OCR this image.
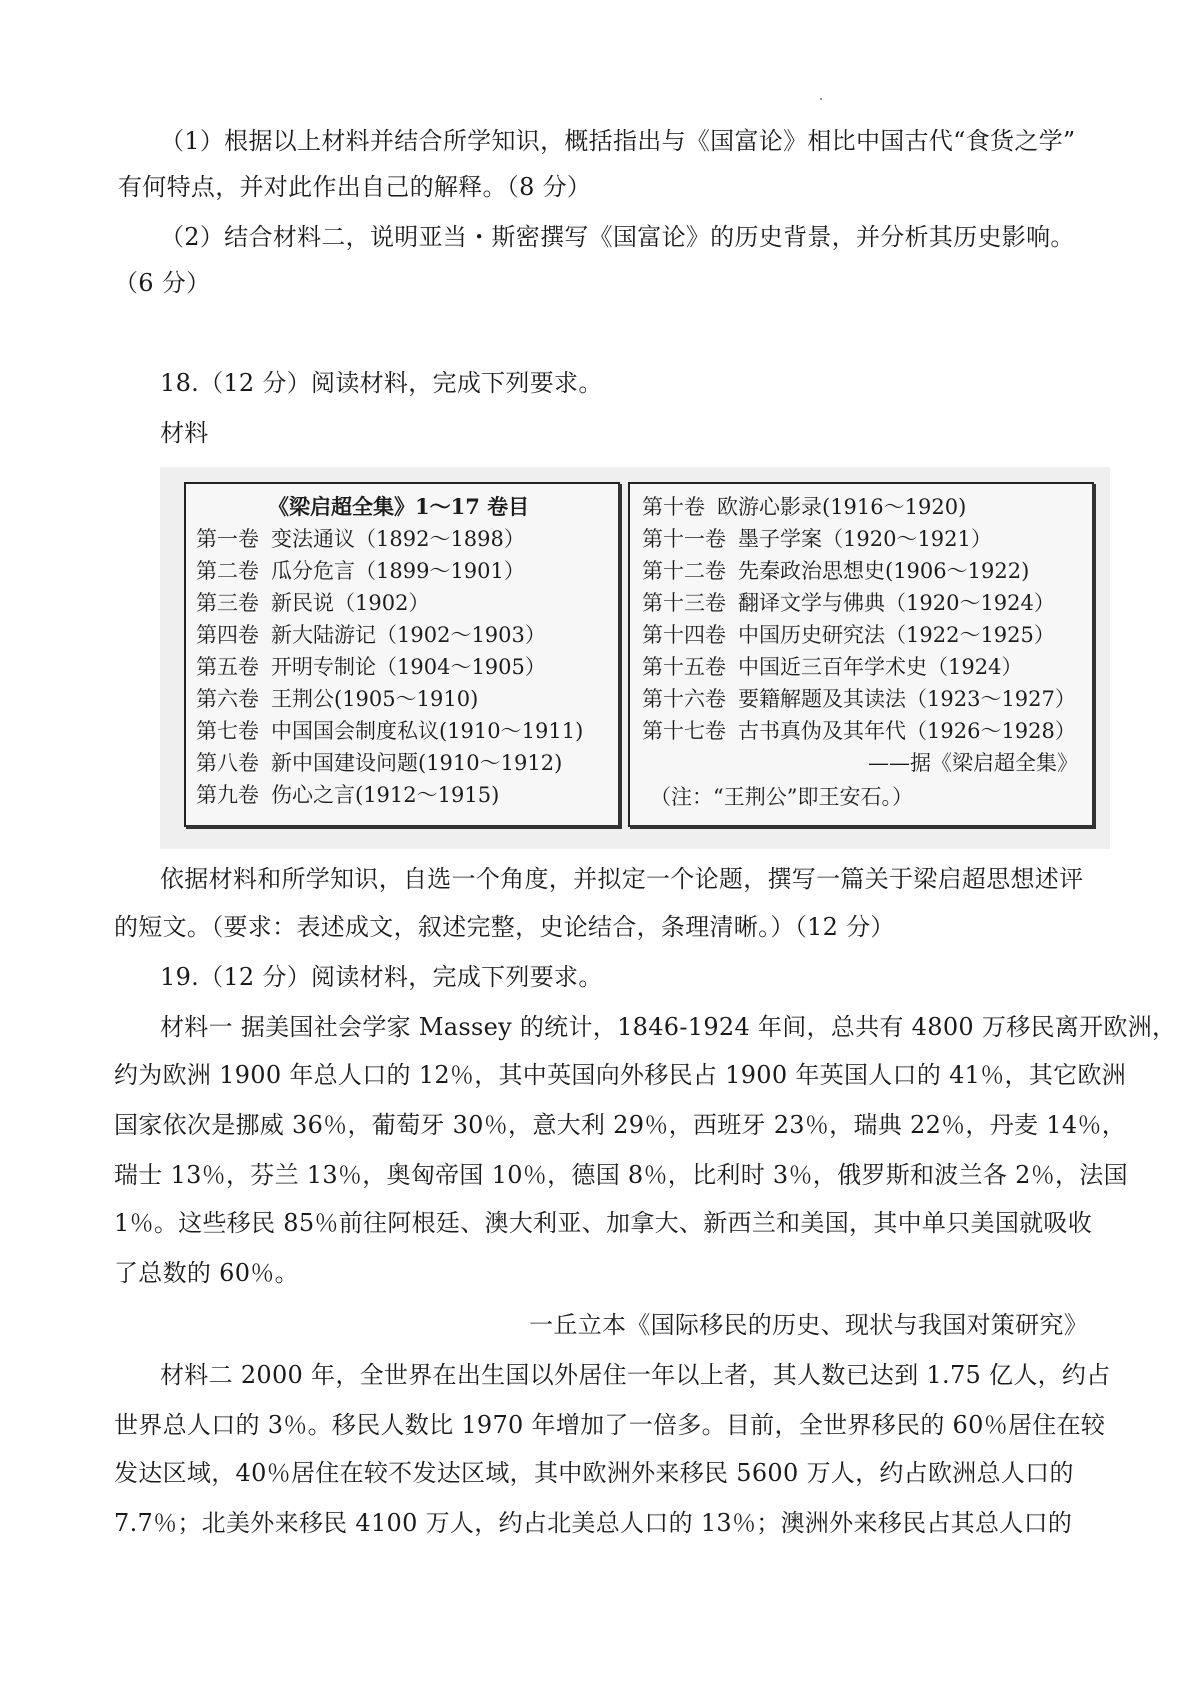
（1）根据以上材料并结合所学知识，概括指出与《国富论》相比中国古代“食货之学”
有何特点，并对此作出自己的解释。（8 分）
（2）结合材料二，说明亚当・斯密撰写《国富论》的历史背景，并分析其历史影响。
（6 分）
18.（12 分）阅读材料，完成下列要求。
材料
《梁启超全集》1～17 卷目
第一卷 变法通议（1892～1898）
第二卷 瓜分危言（1899～1901）
第三卷 新民说（1902）
第四卷 新大陆游记（1902～1903）
第五卷 开明专制论（1904～1905）
第六卷 王荆公(1905～1910)
第七卷 中国国会制度私议(1910～1911)
第八卷 新中国建设问题(1910～1912)
第九卷 伤心之言(1912～1915)
第十卷 欧游心影录(1916～1920)
第十一卷 墨子学案（1920～1921）
第十二卷 先秦政治思想史(1906～1922)
第十三卷 翻译文学与佛典（1920～1924）
第十四卷 中国历史研究法（1922～1925）
第十五卷 中国近三百年学术史（1924）
第十六卷 要籍解题及其读法（1923～1927）
第十七卷 古书真伪及其年代（1926～1928）
——据《梁启超全集》
（注：“王荆公”即王安石。）
依据材料和所学知识，自选一个角度，并拟定一个论题，撰写一篇关于梁启超思想述评
的短文。（要求：表述成文，叙述完整，史论结合，条理清晰。）（12 分）
19.（12 分）阅读材料，完成下列要求。
材料一 据美国社会学家 Massey 的统计，1846-1924 年间，总共有 4800 万移民离开欧洲，
约为欧洲 1900 年总人口的 12％，其中英国向外移民占 1900 年英国人口的 41％，其它欧洲
国家依次是挪威 36％，葡萄牙 30％，意大利 29％，西班牙 23％，瑞典 22％，丹麦 14％，
瑞士 13％，芬兰 13％，奥匈帝国 10％，德国 8％，比利时 3％，俄罗斯和波兰各 2％，法国
1％。这些移民 85％前往阿根廷、澳大利亚、加拿大、新西兰和美国，其中单只美国就吸收
了总数的 60％。
一丘立本《国际移民的历史、现状与我国对策研究》
材料二 2000 年，全世界在出生国以外居住一年以上者，其人数已达到 1.75 亿人，约占
世界总人口的 3％。移民人数比 1970 年增加了一倍多。目前，全世界移民的 60％居住在较
发达区域，40％居住在较不发达区域，其中欧洲外来移民 5600 万人，约占欧洲总人口的
7.7％；北美外来移民 4100 万人，约占北美总人口的 13％；澳洲外来移民占其总人口的
